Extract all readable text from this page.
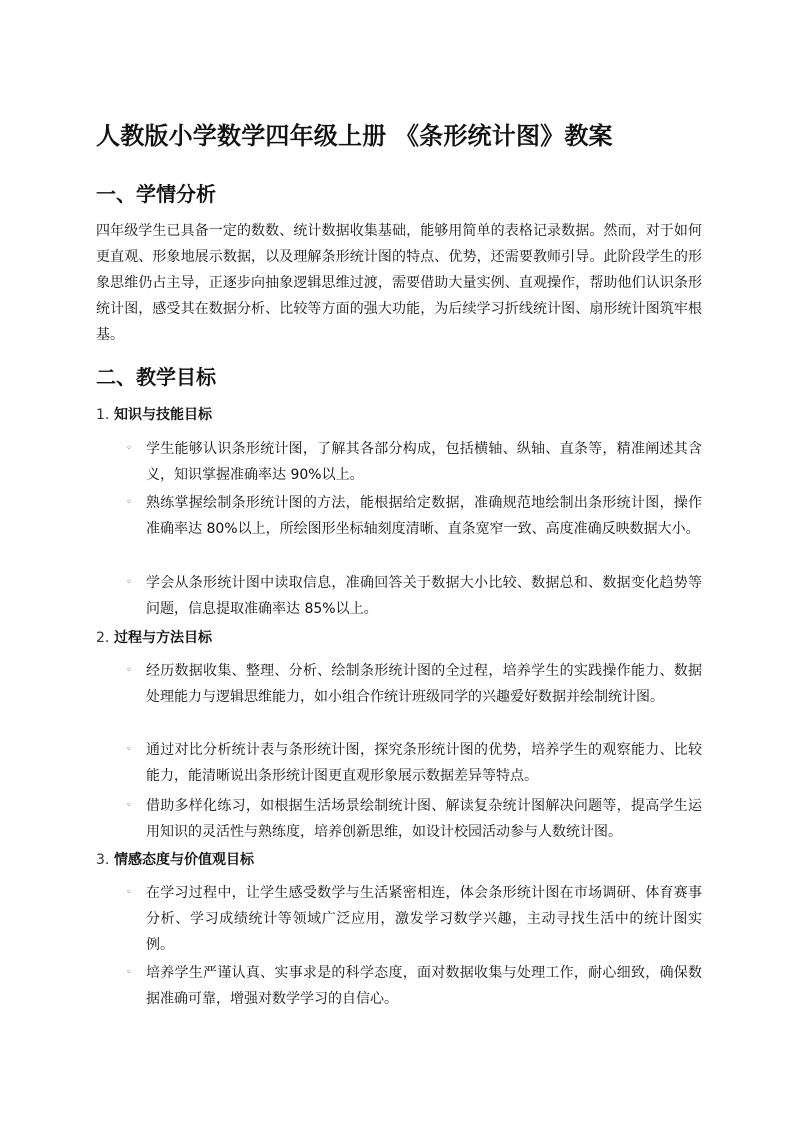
人教版小学数学四年级上册 《条形统计图》教案
一、学情分析
四年级学生已具备一定的数数、统计数据收集基础，能够用简单的表格记录数据。然而，对于如何更直观、形象地展示数据，以及理解条形统计图的特点、优势，还需要教师引导。此阶段学生的形象思维仍占主导，正逐步向抽象逻辑思维过渡，需要借助大量实例、直观操作，帮助他们认识条形统计图，感受其在数据分析、比较等方面的强大功能，为后续学习折线统计图、扇形统计图筑牢根基。
二、教学目标
1. 知识与技能目标
◦ 学生能够认识条形统计图，了解其各部分构成，包括横轴、纵轴、直条等，精准阐述其含义，知识掌握准确率达 90%以上。
◦ 熟练掌握绘制条形统计图的方法，能根据给定数据，准确规范地绘制出条形统计图，操作准确率达 80%以上，所绘图形坐标轴刻度清晰、直条宽窄一致、高度准确反映数据大小。
◦ 学会从条形统计图中读取信息，准确回答关于数据大小比较、数据总和、数据变化趋势等问题，信息提取准确率达 85%以上。
2. 过程与方法目标
◦ 经历数据收集、整理、分析、绘制条形统计图的全过程，培养学生的实践操作能力、数据处理能力与逻辑思维能力，如小组合作统计班级同学的兴趣爱好数据并绘制统计图。
◦ 通过对比分析统计表与条形统计图，探究条形统计图的优势，培养学生的观察能力、比较能力，能清晰说出条形统计图更直观形象展示数据差异等特点。
◦ 借助多样化练习，如根据生活场景绘制统计图、解读复杂统计图解决问题等，提高学生运用知识的灵活性与熟练度，培养创新思维，如设计校园活动参与人数统计图。
3. 情感态度与价值观目标
◦ 在学习过程中，让学生感受数学与生活紧密相连，体会条形统计图在市场调研、体育赛事分析、学习成绩统计等领域广泛应用，激发学习数学兴趣，主动寻找生活中的统计图实例。
◦ 培养学生严谨认真、实事求是的科学态度，面对数据收集与处理工作，耐心细致，确保数据准确可靠，增强对数学学习的自信心。
